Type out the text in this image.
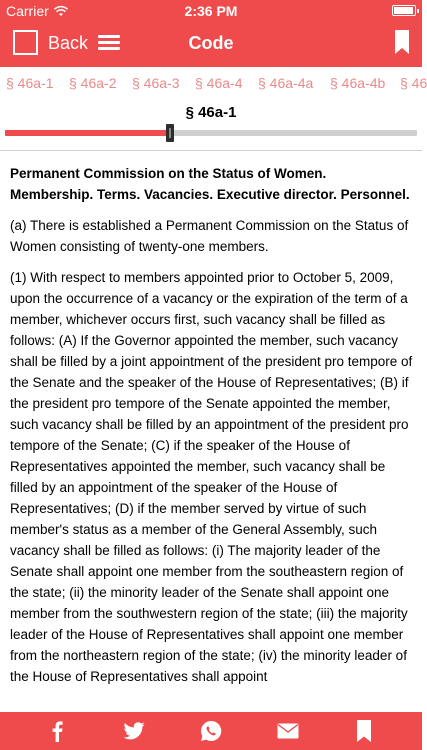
Carrier	2:36 PM
Back	Code
§ 46a-1 § 46a-2 § 46a-3 § 46a-4 § 46a-4a § 46a-4b § 46
§ 46a-1

Permanent Commission on the Status of Women. Membership. Terms. Vacancies. Executive director. Personnel.

(a) There is established a Permanent Commission on the Status of Women consisting of twenty-one members.

(1) With respect to members appointed prior to October 5, 2009, upon the occurrence of a vacancy or the expiration of the term of a member, whichever occurs first, such vacancy shall be filled as follows: (A) If the Governor appointed the member, such vacancy shall be filled by a joint appointment of the president pro tempore of the Senate and the speaker of the House of Representatives; (B) if the president pro tempore of the Senate appointed the member, such vacancy shall be filled by an appointment of the president pro tempore of the Senate; (C) if the speaker of the House of Representatives appointed the member, such vacancy shall be filled by an appointment of the speaker of the House of Representatives; (D) if the member served by virtue of such member's status as a member of the General Assembly, such vacancy shall be filled as follows: (i) The majority leader of the Senate shall appoint one member from the southeastern region of the state; (ii) the minority leader of the Senate shall appoint one member from the southwestern region of the state; (iii) the majority leader of the House of Representatives shall appoint one member from the northeastern region of the state; (iv) the minority leader of the House of Representatives shall appoint
